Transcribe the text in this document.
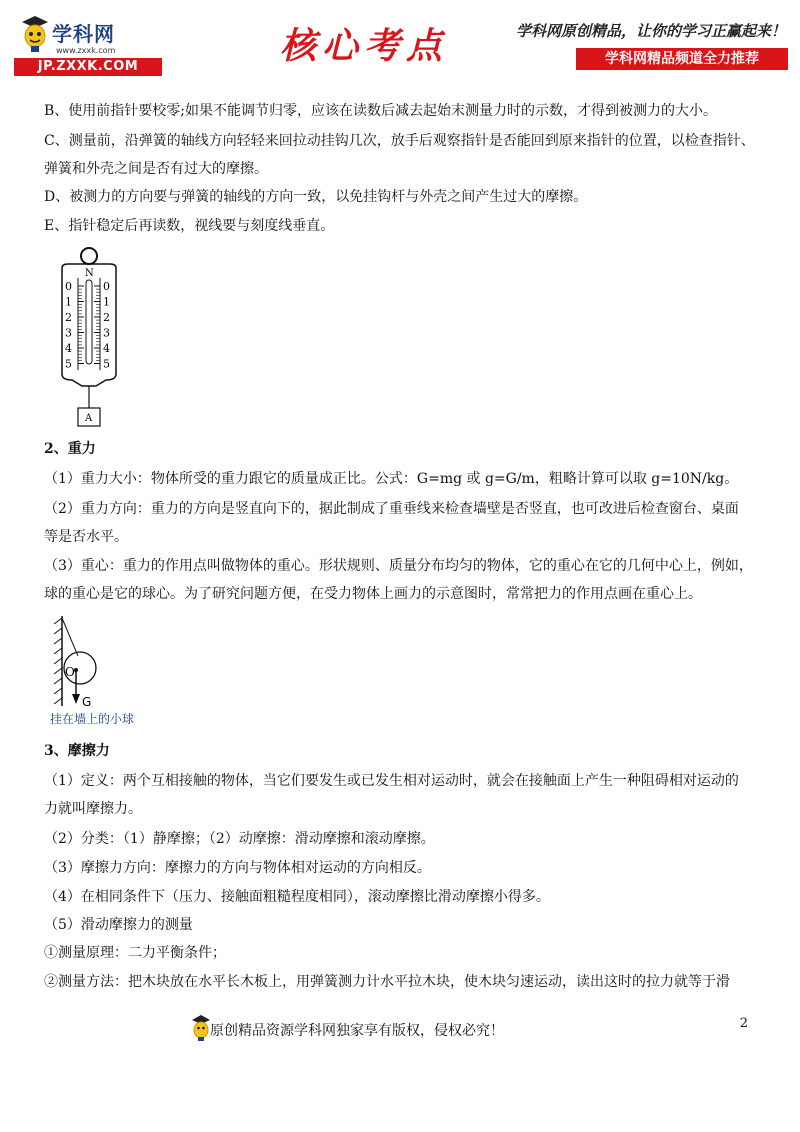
学科网
www.zxxk.com
JP.ZXXK.COM	核心考点	学科网原创精品，让你的学习正赢起来！
学科网精品频道全力推荐
B、使用前指针要校零;如果不能调节归零，应该在读数后减去起始末测量力时的示数，才得到被测力的大小。
C、测量前，沿弹簧的轴线方向轻轻来回拉动挂钩几次，放手后观察指针是否能回到原来指针的位置，以检查指针、
弹簧和外壳之间是否有过大的摩擦。
D、被测力的方向要与弹簧的轴线的方向一致，以免挂钩杆与外壳之间产生过大的摩擦。
E、指针稳定后再读数，视线要与刻度线垂直。
0	0
1	1
2	2
3	3
4	4
5	5
N
A
2、重力
（1）重力大小：物体所受的重力跟它的质量成正比。公式：G=mg 或 g=G/m，粗略计算可以取 g=10N/kg。
（2）重力方向：重力的方向是竖直向下的，据此制成了重垂线来检查墙壁是否竖直，也可改进后检查窗台、桌面
等是否水平。
（3）重心：重力的作用点叫做物体的重心。形状规则、质量分布均匀的物体，它的重心在它的几何中心上，例如，
球的重心是它的球心。为了研究问题方便，在受力物体上画力的示意图时，常常把力的作用点画在重心上。
O
G
挂在墙上的小球
3、摩擦力
（1）定义：两个互相接触的物体，当它们要发生或已发生相对运动时，就会在接触面上产生一种阻碍相对运动的
力就叫摩擦力。
（2）分类：（1）静摩擦；（2）动摩擦：滑动摩擦和滚动摩擦。
（3）摩擦力方向：摩擦力的方向与物体相对运动的方向相反。
（4）在相同条件下（压力、接触面粗糙程度相同），滚动摩擦比滑动摩擦小得多。
（5）滑动摩擦力的测量
①测量原理：二力平衡条件；
②测量方法：把木块放在水平长木板上，用弹簧测力计水平拉木块，使木块匀速运动，读出这时的拉力就等于滑
2
原创精品资源学科网独家享有版权，侵权必究！
